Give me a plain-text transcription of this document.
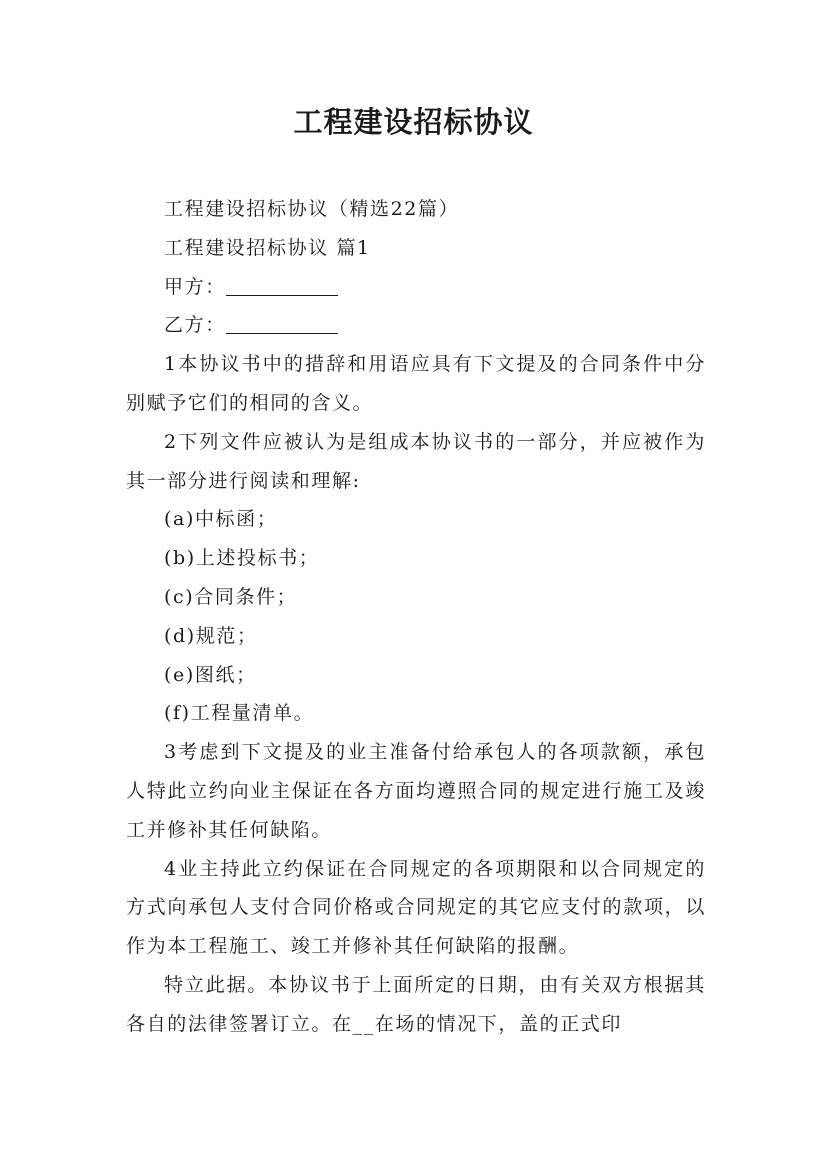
工程建设招标协议

工程建设招标协议（精选22篇）

工程建设招标协议 篇1

甲方：

乙方：

1本协议书中的措辞和用语应具有下文提及的合同条件中分别赋予它们的相同的含义。

2下列文件应被认为是组成本协议书的一部分，并应被作为其一部分进行阅读和理解:

(a)中标函；

(b)上述投标书；

(c)合同条件；

(d)规范；

(e)图纸；

(f)工程量清单。

3考虑到下文提及的业主准备付给承包人的各项款额，承包人特此立约向业主保证在各方面均遵照合同的规定进行施工及竣工并修补其任何缺陷。

4业主持此立约保证在合同规定的各项期限和以合同规定的方式向承包人支付合同价格或合同规定的其它应支付的款项，以作为本工程施工、竣工并修补其任何缺陷的报酬。

特立此据。本协议书于上面所定的日期，由有关双方根据其各自的法律签署订立。在__在场的情况下，盖的正式印
